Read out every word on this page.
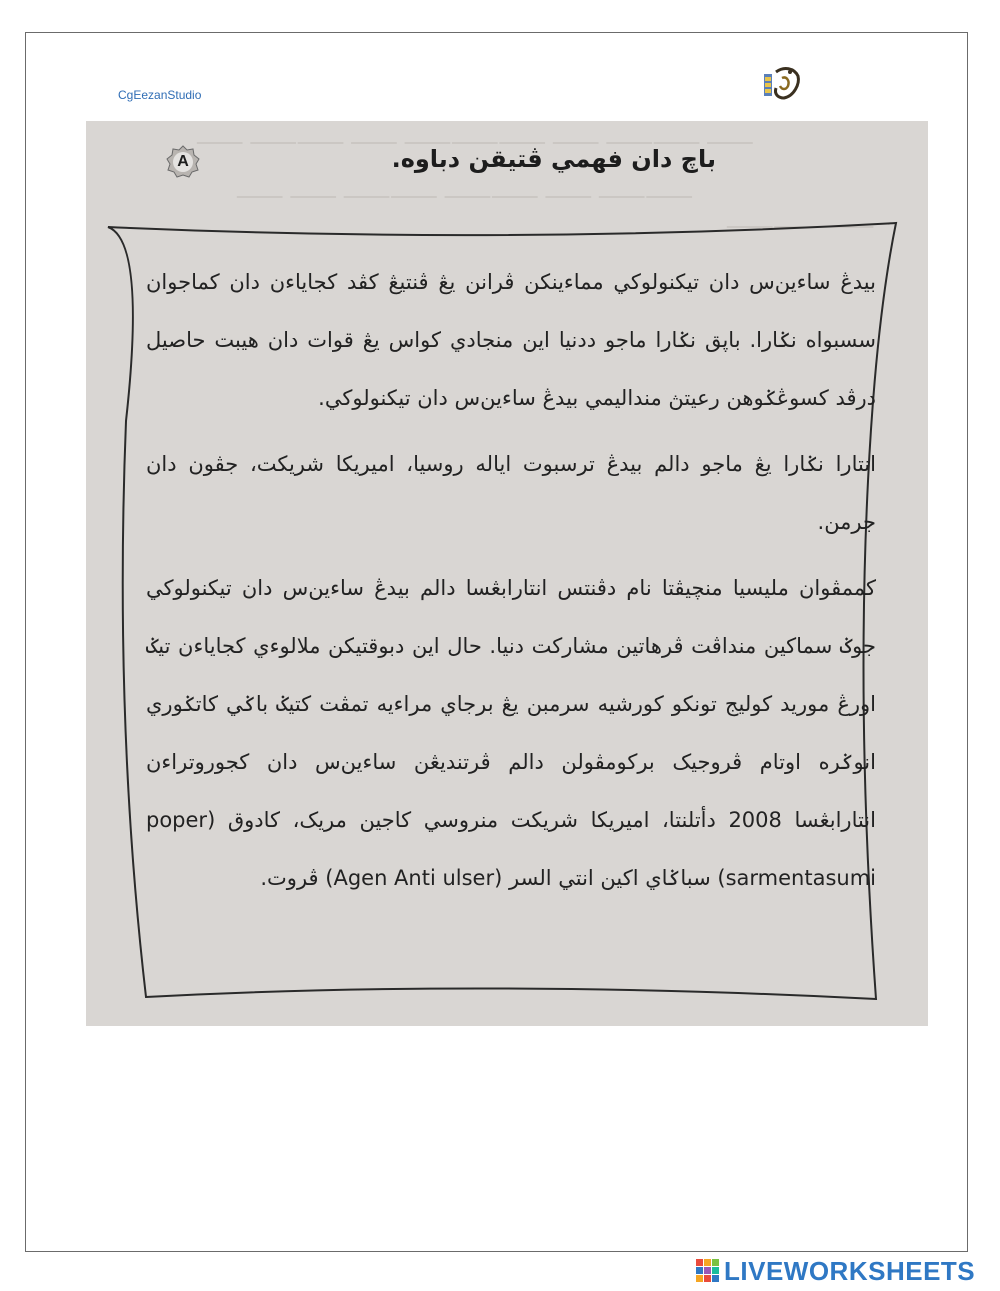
CgEezanStudio
⸻ ⸻⸻ ⸻ ⸻⸻⸻ ⸻ ⸻⸻ ⸻
⸻⸻ ⸻ ⸻⸻ ⸻⸻ ⸻ ⸻
⸻ ⸻⸻
A	باچ دان فهمي ڤتيقن دباوه.

بيدڠ ساءين‌س دان تيکنولوکي مماءينکن ڤرانن يڠ ڤنتيڠ کڤد کجاياءن دان کماجوان سسبواه نݢارا. باڽق نݢارا ماجو ددنيا اين منجادي کواس يڠ قوات دان هيبت حاصيل درڤد کسوڠݢوهن رعيتڽ منداليمي بيدڠ ساءين‌س دان تيکنولوکي.

انتارا نݢارا يڠ ماجو دالم بيدڠ ترسبوت اياله روسيا، اميريکا شريکت، جڤون دان جرمن.

کممڤوان مليسيا منچيڤتا نام دڤنتس انتارابڠسا دالم بيدڠ ساءين‌س دان تيکنولوکي جوݢ سماکين منداڤت ڤرهاتين مشارکت دنيا. حال اين دبوقتيکن ملالوءي کجاياءن تيݢ اورڠ موريد کوليج تونکو کورشيه سرمبن يڠ برجاي مراءيه تمڤت کتيݢ باݢي کاتݢوري انوݢره اوتام ڤروجيک برکومڤولن دالم ڤرتنديڠن ساءين‌س دان کجوروتراءن انتارابڠسا 2008 دأتلنتا، اميريکا شريکت منروسي کاجين مريک، کادوق (poper sarmentasumi) سباݢاي اکين انتي السر (Agen Anti ulser) ڤروت.

LIVEWORKSHEETS
